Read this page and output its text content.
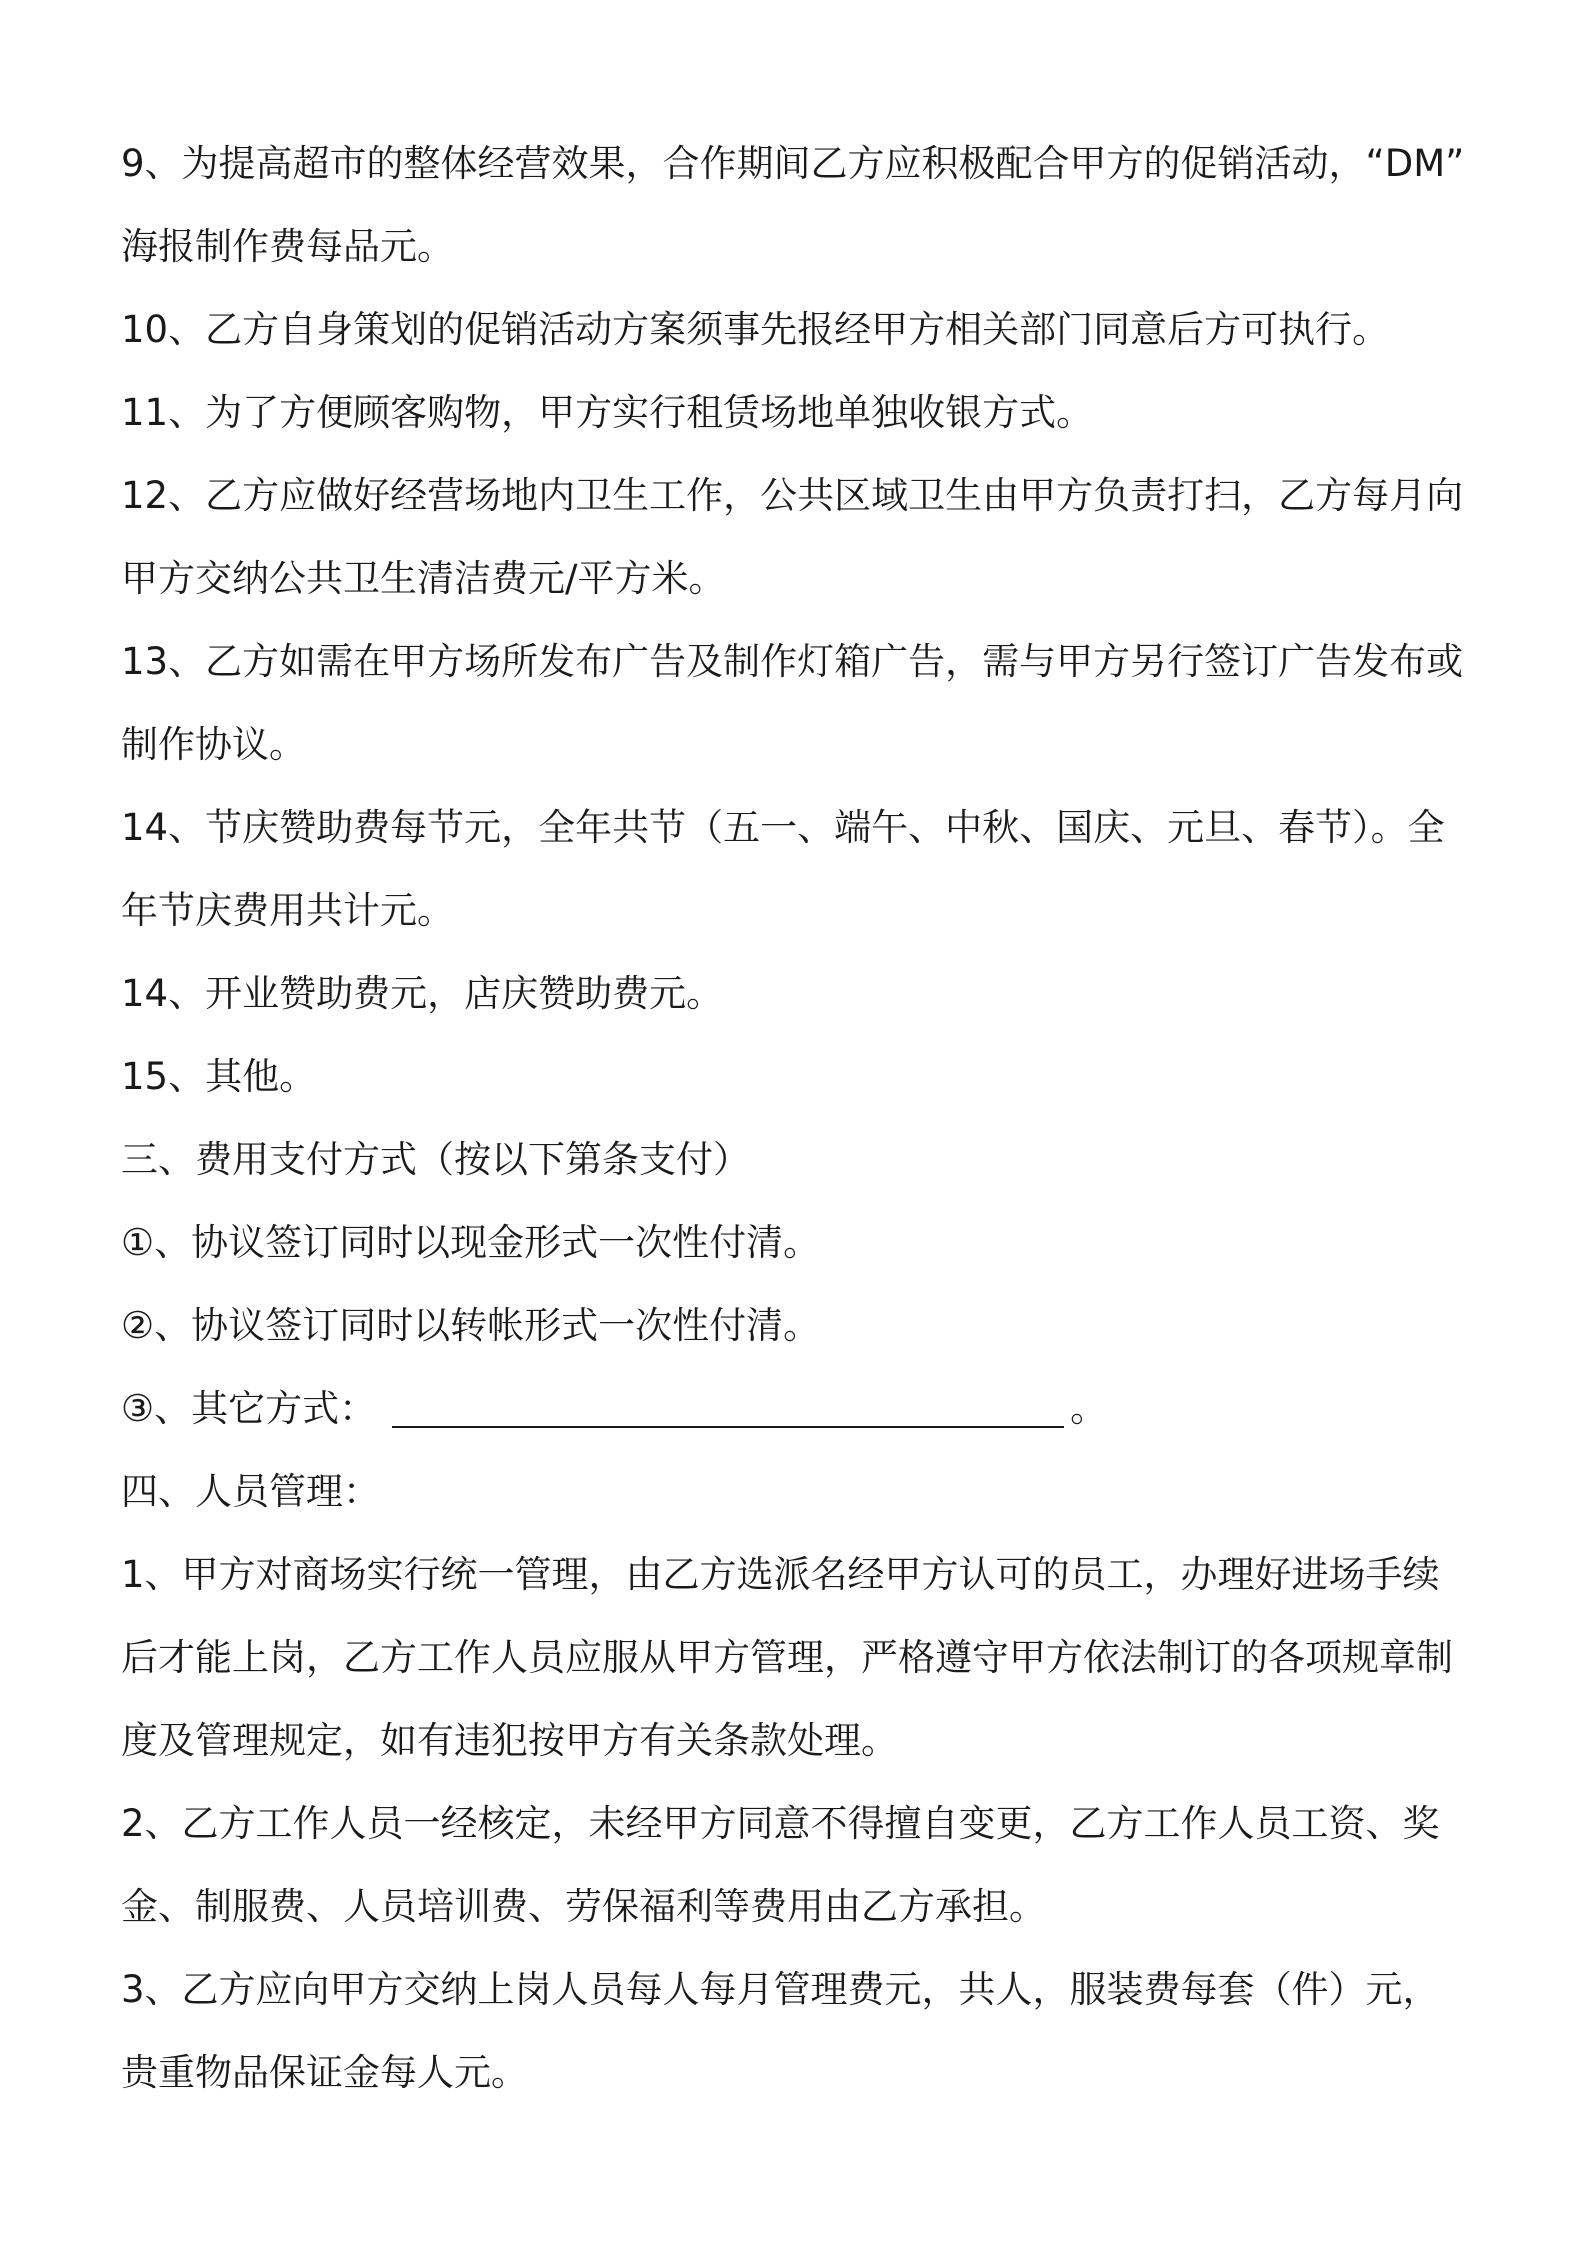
9、为提高超市的整体经营效果，合作期间乙方应积极配合甲方的促销活动，“DM”
海报制作费每品元。
10、乙方自身策划的促销活动方案须事先报经甲方相关部门同意后方可执行。
11、为了方便顾客购物，甲方实行租赁场地单独收银方式。
12、乙方应做好经营场地内卫生工作，公共区域卫生由甲方负责打扫，乙方每月向
甲方交纳公共卫生清洁费元/平方米。
13、乙方如需在甲方场所发布广告及制作灯箱广告，需与甲方另行签订广告发布或
制作协议。
14、节庆赞助费每节元，全年共节（五一、端午、中秋、国庆、元旦、春节）。全
年节庆费用共计元。
14、开业赞助费元，店庆赞助费元。
15、其他。
三、费用支付方式（按以下第条支付）
①、协议签订同时以现金形式一次性付清。
②、协议签订同时以转帐形式一次性付清。
③、其它方式：	。
四、人员管理：
1、甲方对商场实行统一管理，由乙方选派名经甲方认可的员工，办理好进场手续
后才能上岗，乙方工作人员应服从甲方管理，严格遵守甲方依法制订的各项规章制
度及管理规定，如有违犯按甲方有关条款处理。
2、乙方工作人员一经核定，未经甲方同意不得擅自变更，乙方工作人员工资、奖
金、制服费、人员培训费、劳保福利等费用由乙方承担。
3、乙方应向甲方交纳上岗人员每人每月管理费元，共人，服装费每套（件）元，
贵重物品保证金每人元。
